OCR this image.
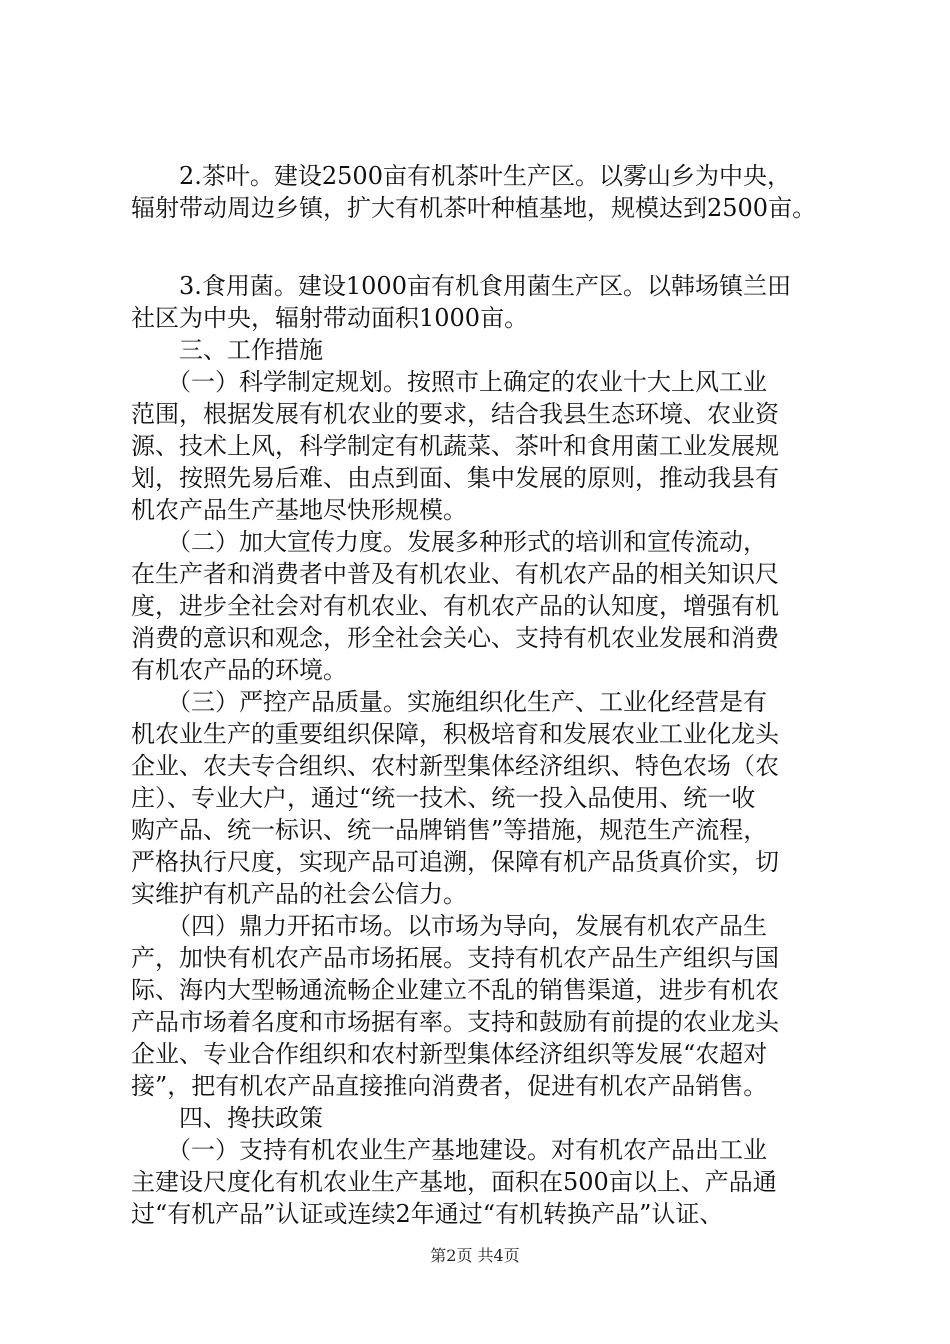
　　2.茶叶。建设2500亩有机茶叶生产区。以雾山乡为中央，
辐射带动周边乡镇，扩大有机茶叶种植基地，规模达到2500亩。
　　3.食用菌。建设1000亩有机食用菌生产区。以韩场镇兰田
社区为中央，辐射带动面积1000亩。
　　三、工作措施
　　（一）科学制定规划。按照市上确定的农业十大上风工业
范围，根据发展有机农业的要求，结合我县生态环境、农业资
源、技术上风，科学制定有机蔬菜、茶叶和食用菌工业发展规
划，按照先易后难、由点到面、集中发展的原则，推动我县有
机农产品生产基地尽快形规模。
　　（二）加大宣传力度。发展多种形式的培训和宣传流动，
在生产者和消费者中普及有机农业、有机农产品的相关知识尺
度，进步全社会对有机农业、有机农产品的认知度，增强有机
消费的意识和观念，形全社会关心、支持有机农业发展和消费
有机农产品的环境。
　　（三）严控产品质量。实施组织化生产、工业化经营是有
机农业生产的重要组织保障，积极培育和发展农业工业化龙头
企业、农夫专合组织、农村新型集体经济组织、特色农场（农
庄）、专业大户，通过“统一技术、统一投入品使用、统一收
购产品、统一标识、统一品牌销售”等措施，规范生产流程，
严格执行尺度，实现产品可追溯，保障有机产品货真价实，切
实维护有机产品的社会公信力。
　　（四）鼎力开拓市场。以市场为导向，发展有机农产品生
产，加快有机农产品市场拓展。支持有机农产品生产组织与国
际、海内大型畅通流畅企业建立不乱的销售渠道，进步有机农
产品市场着名度和市场据有率。支持和鼓励有前提的农业龙头
企业、专业合作组织和农村新型集体经济组织等发展“农超对
接”，把有机农产品直接推向消费者，促进有机农产品销售。
　　四、搀扶政策
　　（一）支持有机农业生产基地建设。对有机农产品出工业
主建设尺度化有机农业生产基地，面积在500亩以上、产品通
过“有机产品”认证或连续2年通过“有机转换产品”认证、
第2页 共4页
